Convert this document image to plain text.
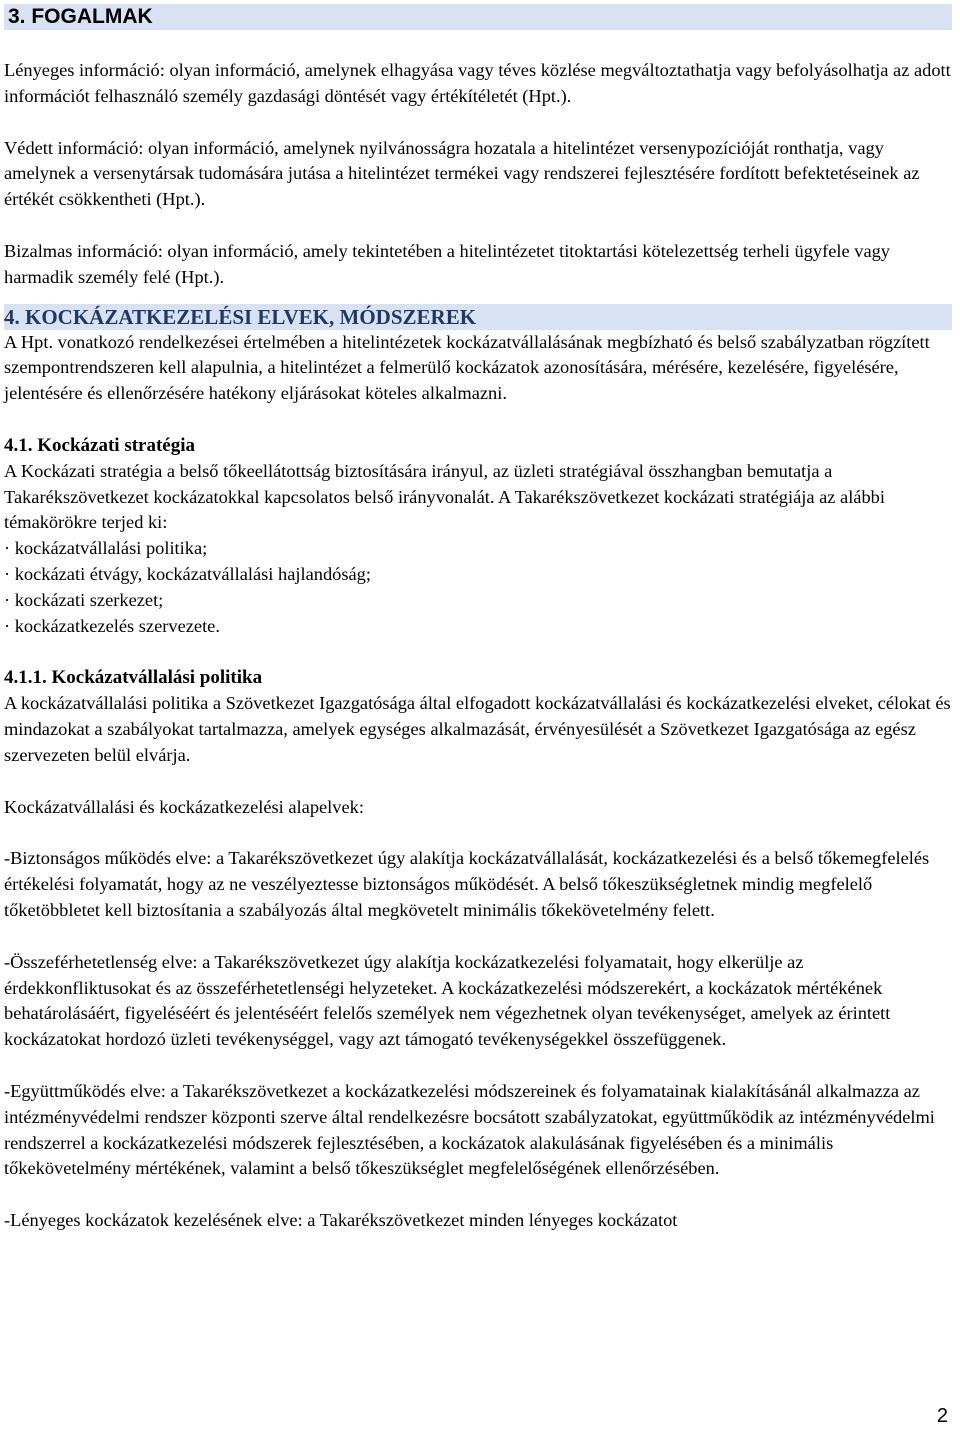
3. FOGALMAK

Lényeges információ: olyan információ, amelynek elhagyása vagy téves közlése megváltoztathatja vagy befolyásolhatja az adott információt felhasználó személy gazdasági döntését vagy értékítéletét (Hpt.).

Védett információ: olyan információ, amelynek nyilvánosságra hozatala a hitelintézet versenypozícióját ronthatja, vagy amelynek a versenytársak tudomására jutása a hitelintézet termékei vagy rendszerei fejlesztésére fordított befektetéseinek az értékét csökkentheti (Hpt.).

Bizalmas információ: olyan információ, amely tekintetében a hitelintézetet titoktartási kötelezettség terheli ügyfele vagy harmadik személy felé (Hpt.).

4. KOCKÁZATKEZELÉSI ELVEK, MÓDSZEREK

A Hpt. vonatkozó rendelkezései értelmében a hitelintézetek kockázatvállalásának megbízható és belső szabályzatban rögzített szempontrendszeren kell alapulnia, a hitelintézet a felmerülő kockázatok azonosítására, mérésére, kezelésére, figyelésére, jelentésére és ellenőrzésére hatékony eljárásokat köteles alkalmazni.

4.1. Kockázati stratégia

A Kockázati stratégia a belső tőkeellátottság biztosítására irányul, az üzleti stratégiával összhangban bemutatja a Takarékszövetkezet kockázatokkal kapcsolatos belső irányvonalát. A Takarékszövetkezet kockázati stratégiája az alábbi témakörökre terjed ki:

· kockázatvállalási politika;

· kockázati étvágy, kockázatvállalási hajlandóság;

· kockázati szerkezet;

· kockázatkezelés szervezete.

4.1.1. Kockázatvállalási politika

A kockázatvállalási politika a Szövetkezet Igazgatósága által elfogadott kockázatvállalási és kockázatkezelési elveket, célokat és mindazokat a szabályokat tartalmazza, amelyek egységes alkalmazását, érvényesülését a Szövetkezet Igazgatósága az egész szervezeten belül elvárja.

Kockázatvállalási és kockázatkezelési alapelvek:

-Biztonságos működés elve: a Takarékszövetkezet úgy alakítja kockázatvállalását, kockázatkezelési és a belső tőkemegfelelés értékelési folyamatát, hogy az ne veszélyeztesse biztonságos működését. A belső tőkeszükségletnek mindig megfelelő tőketöbbletet kell biztosítania a szabályozás által megkövetelt minimális tőkekövetelmény felett.

-Összeférhetetlenség elve: a Takarékszövetkezet úgy alakítja kockázatkezelési folyamatait, hogy elkerülje az érdekkonfliktusokat és az összeférhetetlenségi helyzeteket. A kockázatkezelési módszerekért, a kockázatok mértékének behatárolásáért, figyeléséért és jelentéséért felelős személyek nem végezhetnek olyan tevékenységet, amelyek az érintett kockázatokat hordozó üzleti tevékenységgel, vagy azt támogató tevékenységekkel összefüggenek.

-Együttműködés elve: a Takarékszövetkezet a kockázatkezelési módszereinek és folyamatainak kialakításánál alkalmazza az intézményvédelmi rendszer központi szerve által rendelkezésre bocsátott szabályzatokat, együttműködik az intézményvédelmi rendszerrel a kockázatkezelési módszerek fejlesztésében, a kockázatok alakulásának figyelésében és a minimális tőkekövetelmény mértékének, valamint a belső tőkeszükséglet megfelelőségének ellenőrzésében.

-Lényeges kockázatok kezelésének elve: a Takarékszövetkezet minden lényeges kockázatot

2
